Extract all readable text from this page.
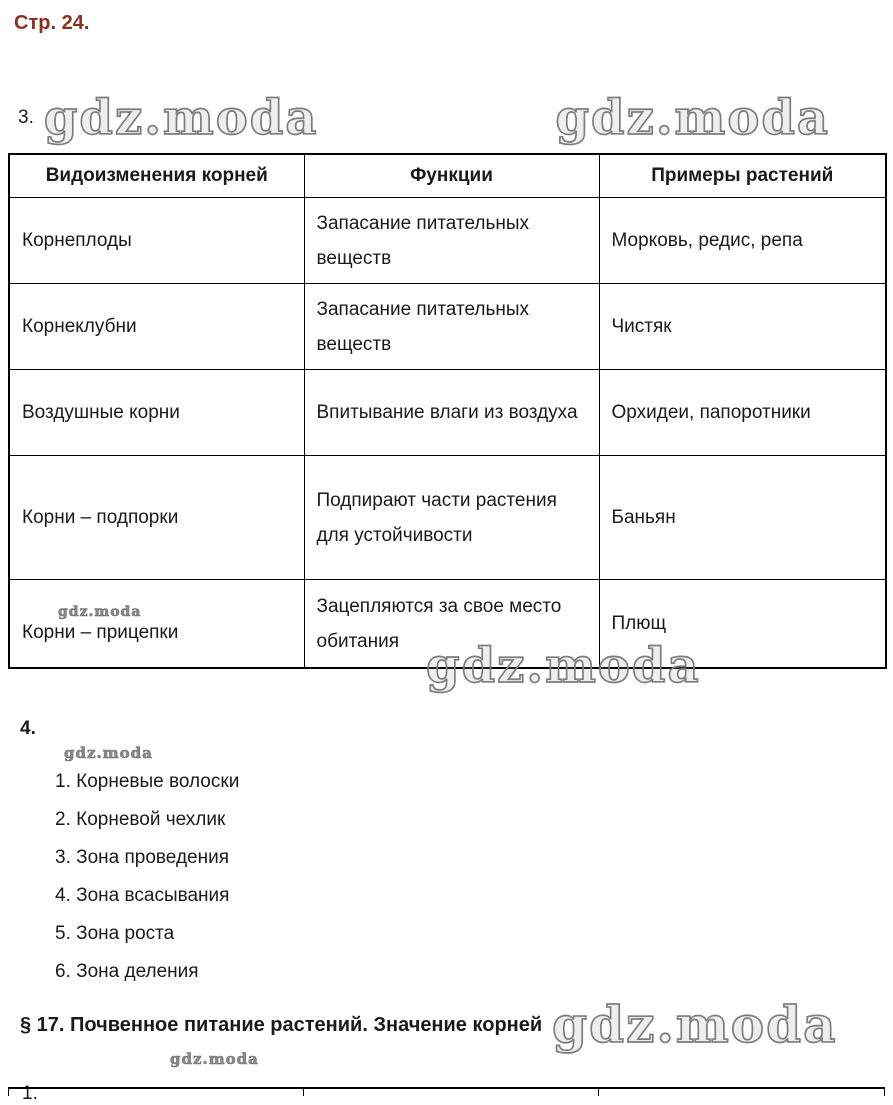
Стр. 24.
3. gdz.moda	gdz.moda
Видоизменения корней	Функции	Примеры растений
Корнеплоды	Запасание питательных веществ	Морковь, редис, репа
Корнеклубни	Запасание питательных веществ	Чистяк
Воздушные корни	Впитывание влаги из воздуха	Орхидеи, папоротники
Корни – подпорки	Подпирают части растения для устойчивости	Баньян

gdz.moda
Корни – прицепки	Зацепляются за свое место обитания	Плющ
gdz.moda
4.
gdz.moda
1. Корневые волоски
2. Корневой чехлик
3. Зона проведения
4. Зона всасывания
5. Зона роста
6. Зона деления
§ 17. Почвенное питание растений. Значение корней gdz.moda
gdz.moda
1.
